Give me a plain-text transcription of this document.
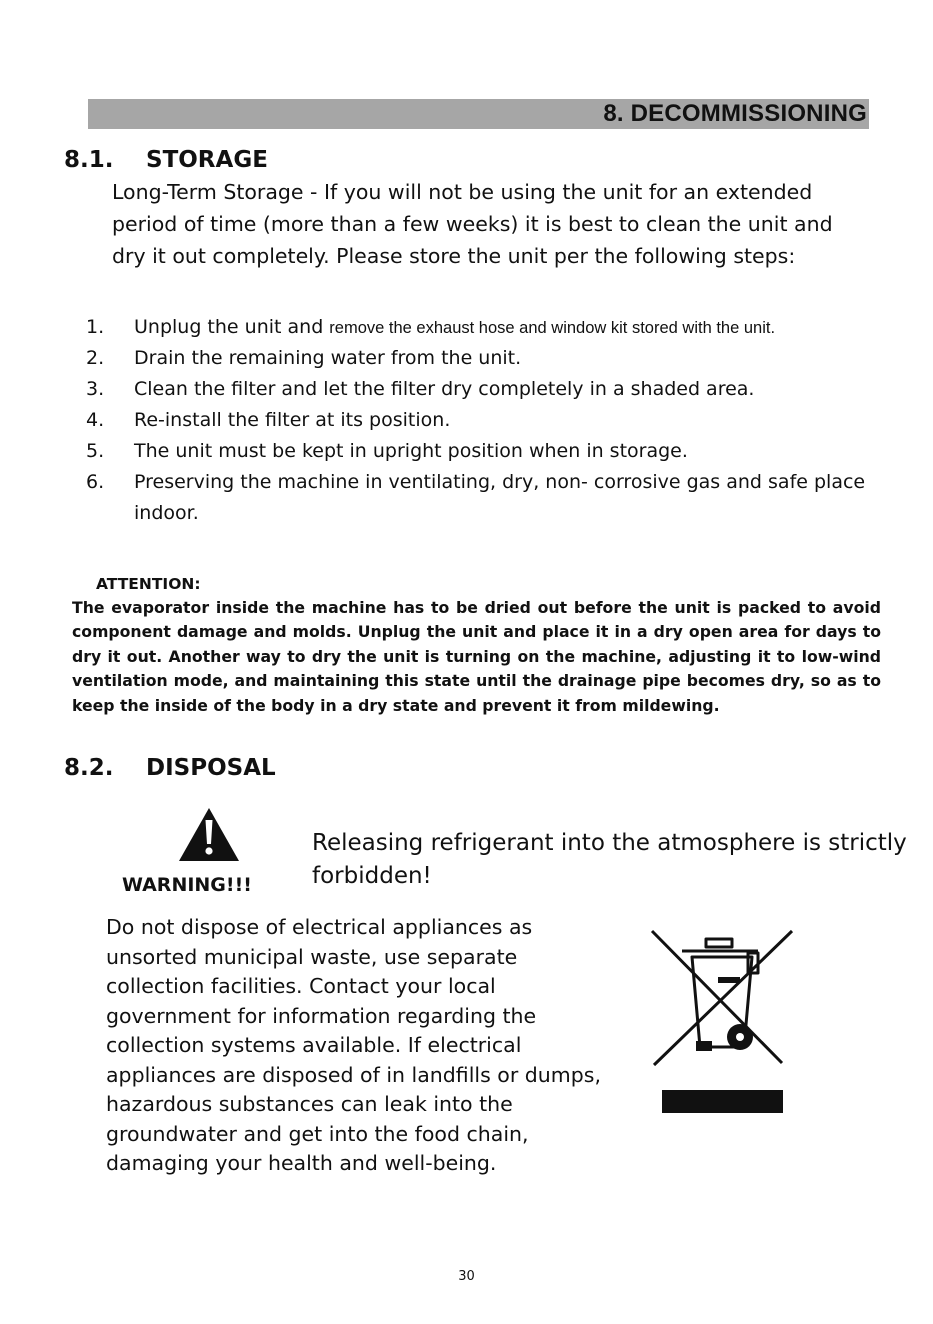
8. DECOMMISSIONING
8.1. STORAGE

Long-Term Storage - If you will not be using the unit for an extended period of time (more than a few weeks) it is best to clean the unit and dry it out completely. Please store the unit per the following steps:

1. Unplug the unit and remove the exhaust hose and window kit stored with the unit.
2. Drain the remaining water from the unit.
3. Clean the filter and let the filter dry completely in a shaded area.
4. Re-install the filter at its position.
5. The unit must be kept in upright position when in storage.
6. Preserving the machine in ventilating, dry, non- corrosive gas and safe place indoor.
ATTENTION:

The evaporator inside the machine has to be dried out before the unit is packed to avoid component damage and molds. Unplug the unit and place it in a dry open area for days to dry it out. Another way to dry the unit is turning on the machine, adjusting it to low-wind ventilation mode, and maintaining this state until the drainage pipe becomes dry, so as to keep the inside of the body in a dry state and prevent it from mildewing.

8.2. DISPOSAL
WARNING!!!

Releasing refrigerant into the atmosphere is strictly forbidden!

Do not dispose of electrical appliances as unsorted municipal waste, use separate collection facilities. Contact your local government for information regarding the collection systems available. If electrical appliances are disposed of in landfills or dumps, hazardous substances can leak into the groundwater and get into the food chain, damaging your health and well-being.

30
